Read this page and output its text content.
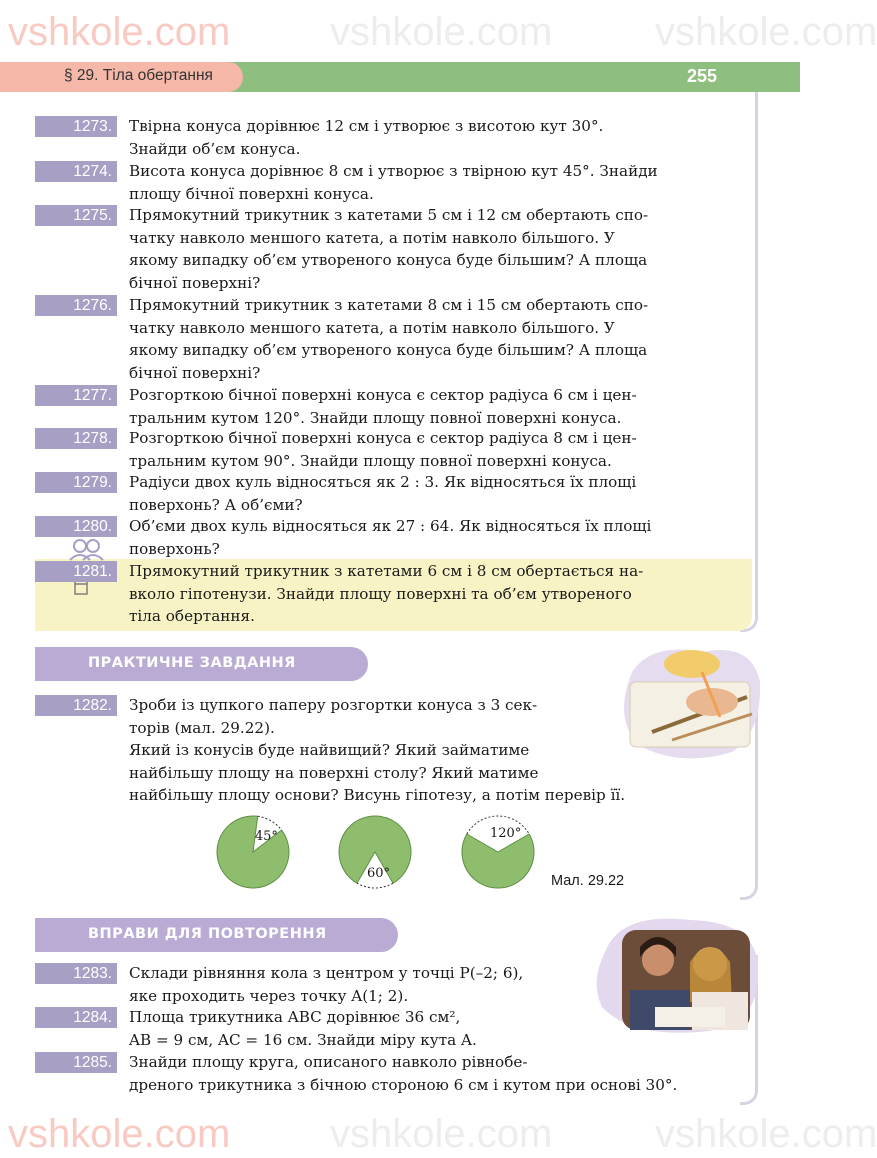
vshkole.com vshkole.com	vshkole.com
vshkole.com vshkole.com	vshkole.com
§ 29. Тіла обертання	255
1273.	Твірна конуса дорівнює 12 см і утворює з висотою кут 30°.
Знайди об’єм конуса.
1274.	Висота конуса дорівнює 8 см і утворює з твірною кут 45°. Знайди
площу бічної поверхні конуса.
1275.	Прямокутний трикутник з катетами 5 см і 12 см обертають спо-
чатку навколо меншого катета, а потім навколо більшого. У
якому випадку об’єм утвореного конуса буде більшим? А площа
бічної поверхні?
1276.	Прямокутний трикутник з катетами 8 см і 15 см обертають спо-
чатку навколо меншого катета, а потім навколо більшого. У
якому випадку об’єм утвореного конуса буде більшим? А площа
бічної поверхні?
1277.	Розгорткою бічної поверхні конуса є сектор радіуса 6 см і цен-
тральним кутом 120°. Знайди площу повної поверхні конуса.
1278.	Розгорткою бічної поверхні конуса є сектор радіуса 8 см і цен-
тральним кутом 90°. Знайди площу повної поверхні конуса.
1279.	Радіуси двох куль відносяться як 2 : 3. Як відносяться їх площі
поверхонь? А об’єми?
1280.	Об’єми двох куль відносяться як 27 : 64. Як відносяться їх площі
поверхонь?
1281.	Прямокутний трикутник з катетами 6 см і 8 см обертається на-
вколо гіпотенузи. Знайди площу поверхні та об’єм утвореного
тіла обертання.
ПРАКТИЧНЕ ЗАВДАННЯ
1282.	Зроби із цупкого паперу розгортки конуса з 3 сек-
торів (мал. 29.22).
Який із конусів буде найвищий? Який займатиме
найбільшу площу на поверхні столу? Який матиме
найбільшу площу основи? Висунь гіпотезу, а потім перевір її.
45°
60°
120°
Мал. 29.22
ВПРАВИ ДЛЯ ПОВТОРЕННЯ
1283.	Склади рівняння кола з центром у точці P(–2; 6),
яке проходить через точку A(1; 2).
1284.	Площа трикутника ABC дорівнює 36 см²,
AB = 9 см, AC = 16 см. Знайди міру кута A.
1285.	Знайди площу круга, описаного навколо рівнобе-
дреного трикутника з бічною стороною 6 см і кутом при основі 30°.
